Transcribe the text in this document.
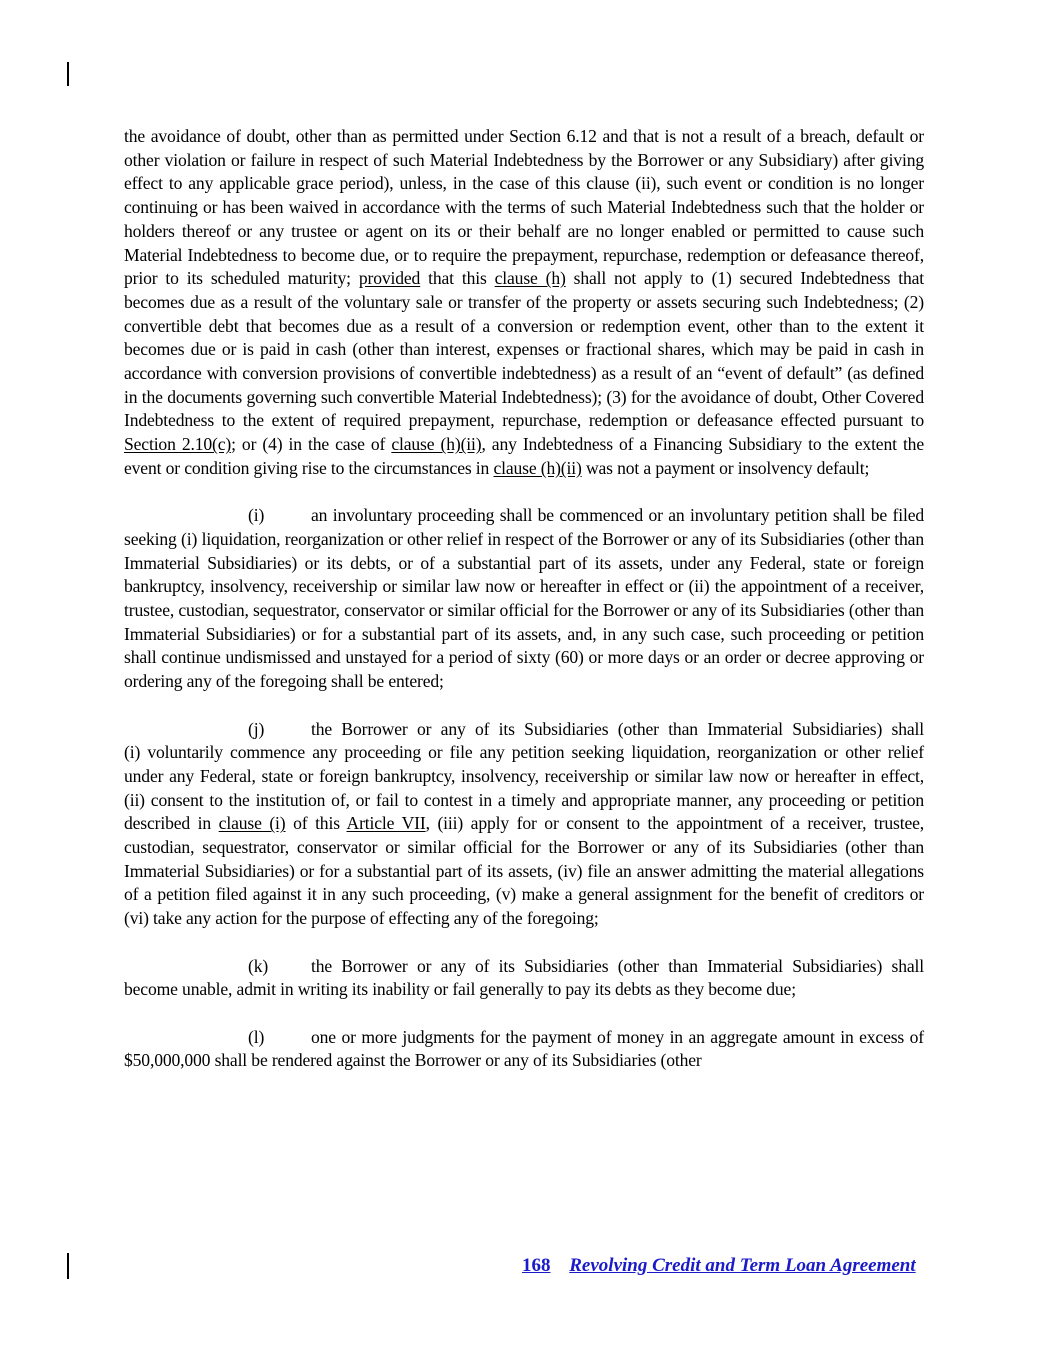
the avoidance of doubt, other than as permitted under Section 6.12 and that is not a result of a breach, default or other violation or failure in respect of such Material Indebtedness by the Borrower or any Subsidiary) after giving effect to any applicable grace period), unless, in the case of this clause (ii), such event or condition is no longer continuing or has been waived in accordance with the terms of such Material Indebtedness such that the holder or holders thereof or any trustee or agent on its or their behalf are no longer enabled or permitted to cause such Material Indebtedness to become due, or to require the prepayment, repurchase, redemption or defeasance thereof, prior to its scheduled maturity; provided that this clause (h) shall not apply to (1) secured Indebtedness that becomes due as a result of the voluntary sale or transfer of the property or assets securing such Indebtedness; (2) convertible debt that becomes due as a result of a conversion or redemption event, other than to the extent it becomes due or is paid in cash (other than interest, expenses or fractional shares, which may be paid in cash in accordance with conversion provisions of convertible indebtedness) as a result of an “event of default” (as defined in the documents governing such convertible Material Indebtedness); (3) for the avoidance of doubt, Other Covered Indebtedness to the extent of required prepayment, repurchase, redemption or defeasance effected pursuant to Section 2.10(c); or (4) in the case of clause (h)(ii), any Indebtedness of a Financing Subsidiary to the extent the event or condition giving rise to the circumstances in clause (h)(ii) was not a payment or insolvency default;

(i)	an involuntary proceeding shall be commenced or an involuntary petition shall be filed seeking (i) liquidation, reorganization or other relief in respect of the Borrower or any of its Subsidiaries (other than Immaterial Subsidiaries) or its debts, or of a substantial part of its assets, under any Federal, state or foreign bankruptcy, insolvency, receivership or similar law now or hereafter in effect or (ii) the appointment of a receiver, trustee, custodian, sequestrator, conservator or similar official for the Borrower or any of its Subsidiaries (other than Immaterial Subsidiaries) or for a substantial part of its assets, and, in any such case, such proceeding or petition shall continue undismissed and unstayed for a period of sixty (60) or more days or an order or decree approving or ordering any of the foregoing shall be entered;

(j)	the Borrower or any of its Subsidiaries (other than Immaterial Subsidiaries) shall (i) voluntarily commence any proceeding or file any petition seeking liquidation, reorganization or other relief under any Federal, state or foreign bankruptcy, insolvency, receivership or similar law now or hereafter in effect, (ii) consent to the institution of, or fail to contest in a timely and appropriate manner, any proceeding or petition described in clause (i) of this Article VII, (iii) apply for or consent to the appointment of a receiver, trustee, custodian, sequestrator, conservator or similar official for the Borrower or any of its Subsidiaries (other than Immaterial Subsidiaries) or for a substantial part of its assets, (iv) file an answer admitting the material allegations of a petition filed against it in any such proceeding, (v) make a general assignment for the benefit of creditors or (vi) take any action for the purpose of effecting any of the foregoing;

(k) the Borrower or any of its Subsidiaries (other than Immaterial Subsidiaries) shall become unable, admit in writing its inability or fail generally to pay its debts as they become due;

(l)	one or more judgments for the payment of money in an aggregate amount in excess of $50,000,000 shall be rendered against the Borrower or any of its Subsidiaries (other

168 Revolving Credit and Term Loan Agreement
